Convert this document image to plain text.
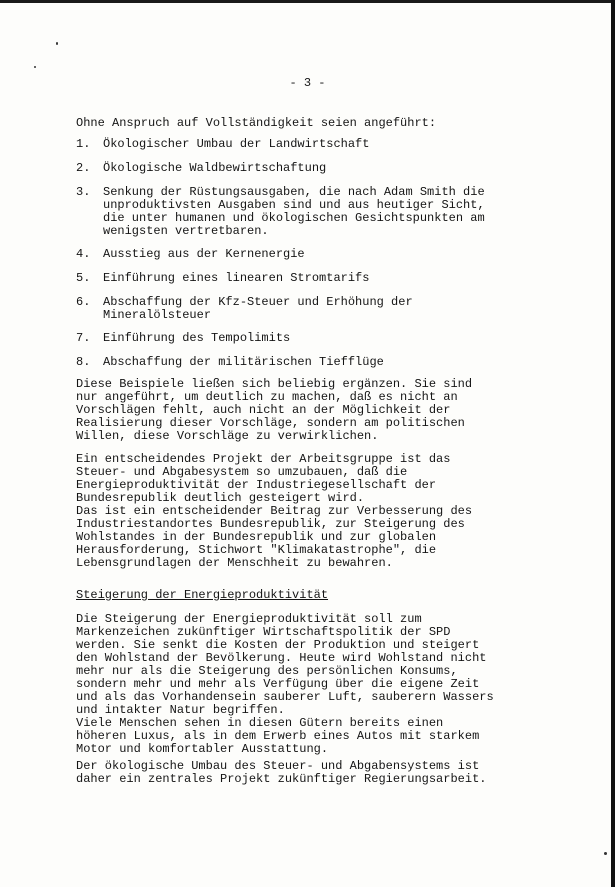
- 3 -
Ohne Anspruch auf Vollständigkeit seien angeführt:
1.	Ökologischer Umbau der Landwirtschaft
2.	Ökologische Waldbewirtschaftung
3.	Senkung der Rüstungsausgaben, die nach Adam Smith die
unproduktivsten Ausgaben sind und aus heutiger Sicht,
die unter humanen und ökologischen Gesichtspunkten am
wenigsten vertretbaren.
4.	Ausstieg aus der Kernenergie
5.	Einführung eines linearen Stromtarifs
6.	Abschaffung der Kfz-Steuer und Erhöhung der
Mineralölsteuer
7.	Einführung des Tempolimits
8.	Abschaffung der militärischen Tiefflüge
Diese Beispiele ließen sich beliebig ergänzen. Sie sind
nur angeführt, um deutlich zu machen, daß es nicht an
Vorschlägen fehlt, auch nicht an der Möglichkeit der
Realisierung dieser Vorschläge, sondern am politischen
Willen, diese Vorschläge zu verwirklichen.
Ein entscheidendes Projekt der Arbeitsgruppe ist das
Steuer- und Abgabesystem so umzubauen, daß die
Energieproduktivität der Industriegesellschaft der
Bundesrepublik deutlich gesteigert wird.
Das ist ein entscheidender Beitrag zur Verbesserung des
Industriestandortes Bundesrepublik, zur Steigerung des
Wohlstandes in der Bundesrepublik und zur globalen
Herausforderung, Stichwort "Klimakatastrophe", die
Lebensgrundlagen der Menschheit zu bewahren.
Steigerung der Energieproduktivität
Die Steigerung der Energieproduktivität soll zum
Markenzeichen zukünftiger Wirtschaftspolitik der SPD
werden. Sie senkt die Kosten der Produktion und steigert
den Wohlstand der Bevölkerung. Heute wird Wohlstand nicht
mehr nur als die Steigerung des persönlichen Konsums,
sondern mehr und mehr als Verfügung über die eigene Zeit
und als das Vorhandensein sauberer Luft, sauberern Wassers
und intakter Natur begriffen.
Viele Menschen sehen in diesen Gütern bereits einen
höheren Luxus, als in dem Erwerb eines Autos mit starkem
Motor und komfortabler Ausstattung.
Der ökologische Umbau des Steuer- und Abgabensystems ist
daher ein zentrales Projekt zukünftiger Regierungsarbeit.
